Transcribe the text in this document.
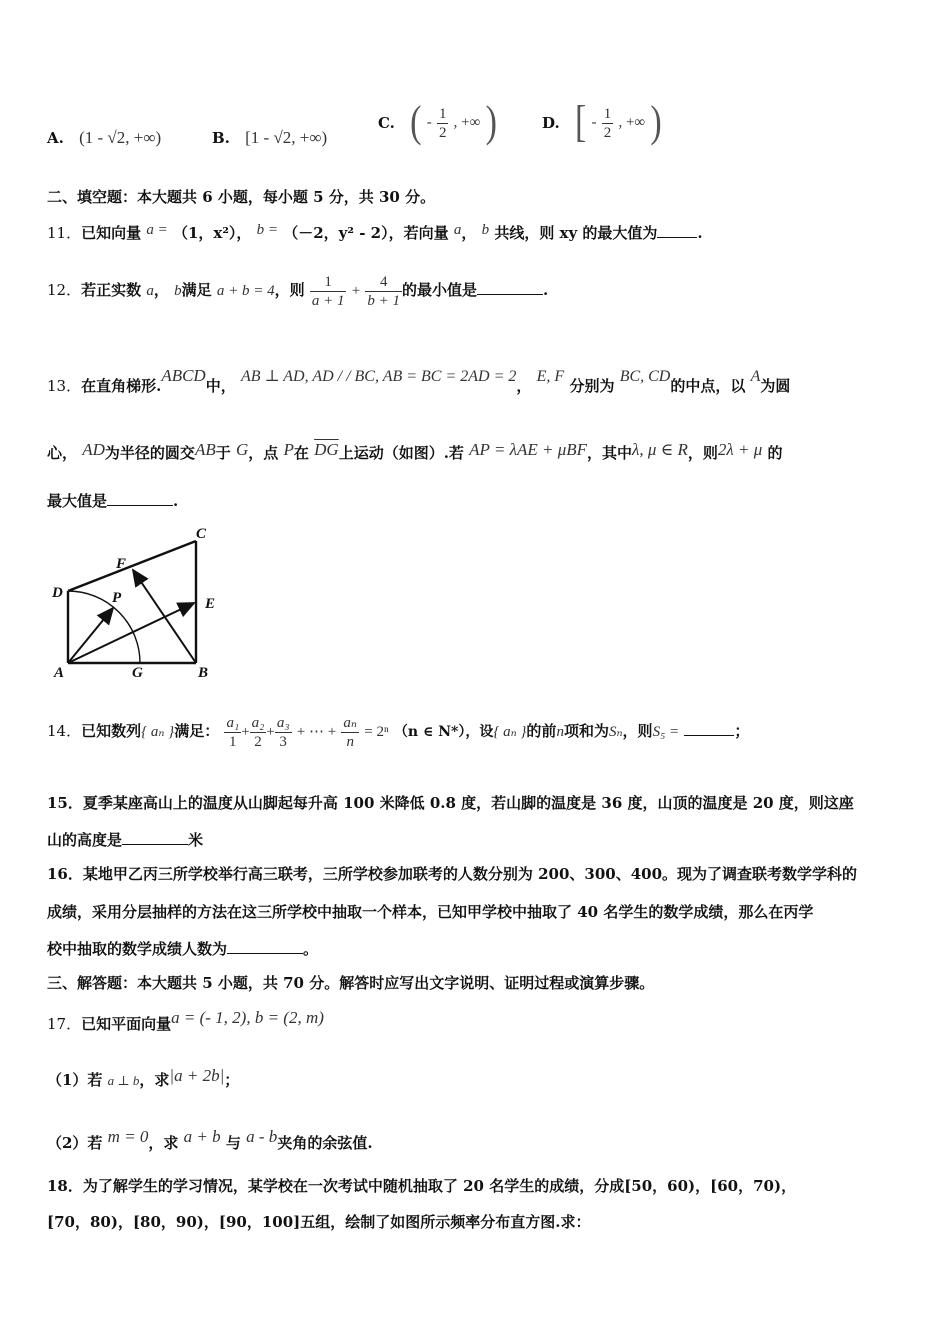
A. (1 - √2, +∞)	B. [1 - √2, +∞)
C. ( - $\frac{1}{2}$ , +∞ )	D. [ - $\frac{1}{2}$ , +∞ )
二、填空题：本大题共 6 小题，每小题 5 分，共 30 分。
11．已知向量 a = （1，x²）， b = （－2，y² - 2），若向量 a， b 共线，则 xy 的最大值为	.
12．若正实数 a， b满足 a + b = 4，则 $\frac{1}{a + 1} + \frac{4}{b + 1}$ 的最小值是	.
13．在直角梯形.ABCD中， AB ⊥ AD, AD / / BC, AB = BC = 2AD = 2， E, F 分别为 BC, CD的中点，以 A为圆
心， AD为半径的圆交AB于 G，点 P在 $\overline{DG}$上运动（如图）.若 AP = λAE + μBF，其中λ, μ ∈ R，则2λ + μ 的
最大值是	.
A	B
C
D
E
F
G
P
14．已知数列{ aₙ }满足： $\frac{\text{a₁}}{1} + \frac{\text{a₂}}{2} + \frac{\text{a₃}}{3}$ + ⋯ + $\frac{\text{aₙ}}{n} = 2^n$ （n ∈ N*），设{ aₙ }的前n项和为Sₙ，则S₅ =	；
15．夏季某座高山上的温度从山脚起每升高 100 米降低 0.8 度，若山脚的温度是 36 度，山顶的温度是 20 度，则这座
山的高度是	米
16．某地甲乙丙三所学校举行高三联考，三所学校参加联考的人数分别为 200、300、400。现为了调查联考数学学科的
成绩，采用分层抽样的方法在这三所学校中抽取一个样本，已知甲学校中抽取了 40 名学生的数学成绩，那么在丙学
校中抽取的数学成绩人数为	。
三、解答题：本大题共 5 小题，共 70 分。解答时应写出文字说明、证明过程或演算步骤。
17．已知平面向量a = (- 1, 2), b = (2, m)
（1）若 a ⊥ b，求|a + 2b|；
（2）若 m = 0，求 a + b 与 a - b夹角的余弦值.
18．为了解学生的学习情况，某学校在一次考试中随机抽取了 20 名学生的成绩，分成[50，60)，[60，70)，
[70，80)，[80，90)，[90，100]五组，绘制了如图所示频率分布直方图.求：
